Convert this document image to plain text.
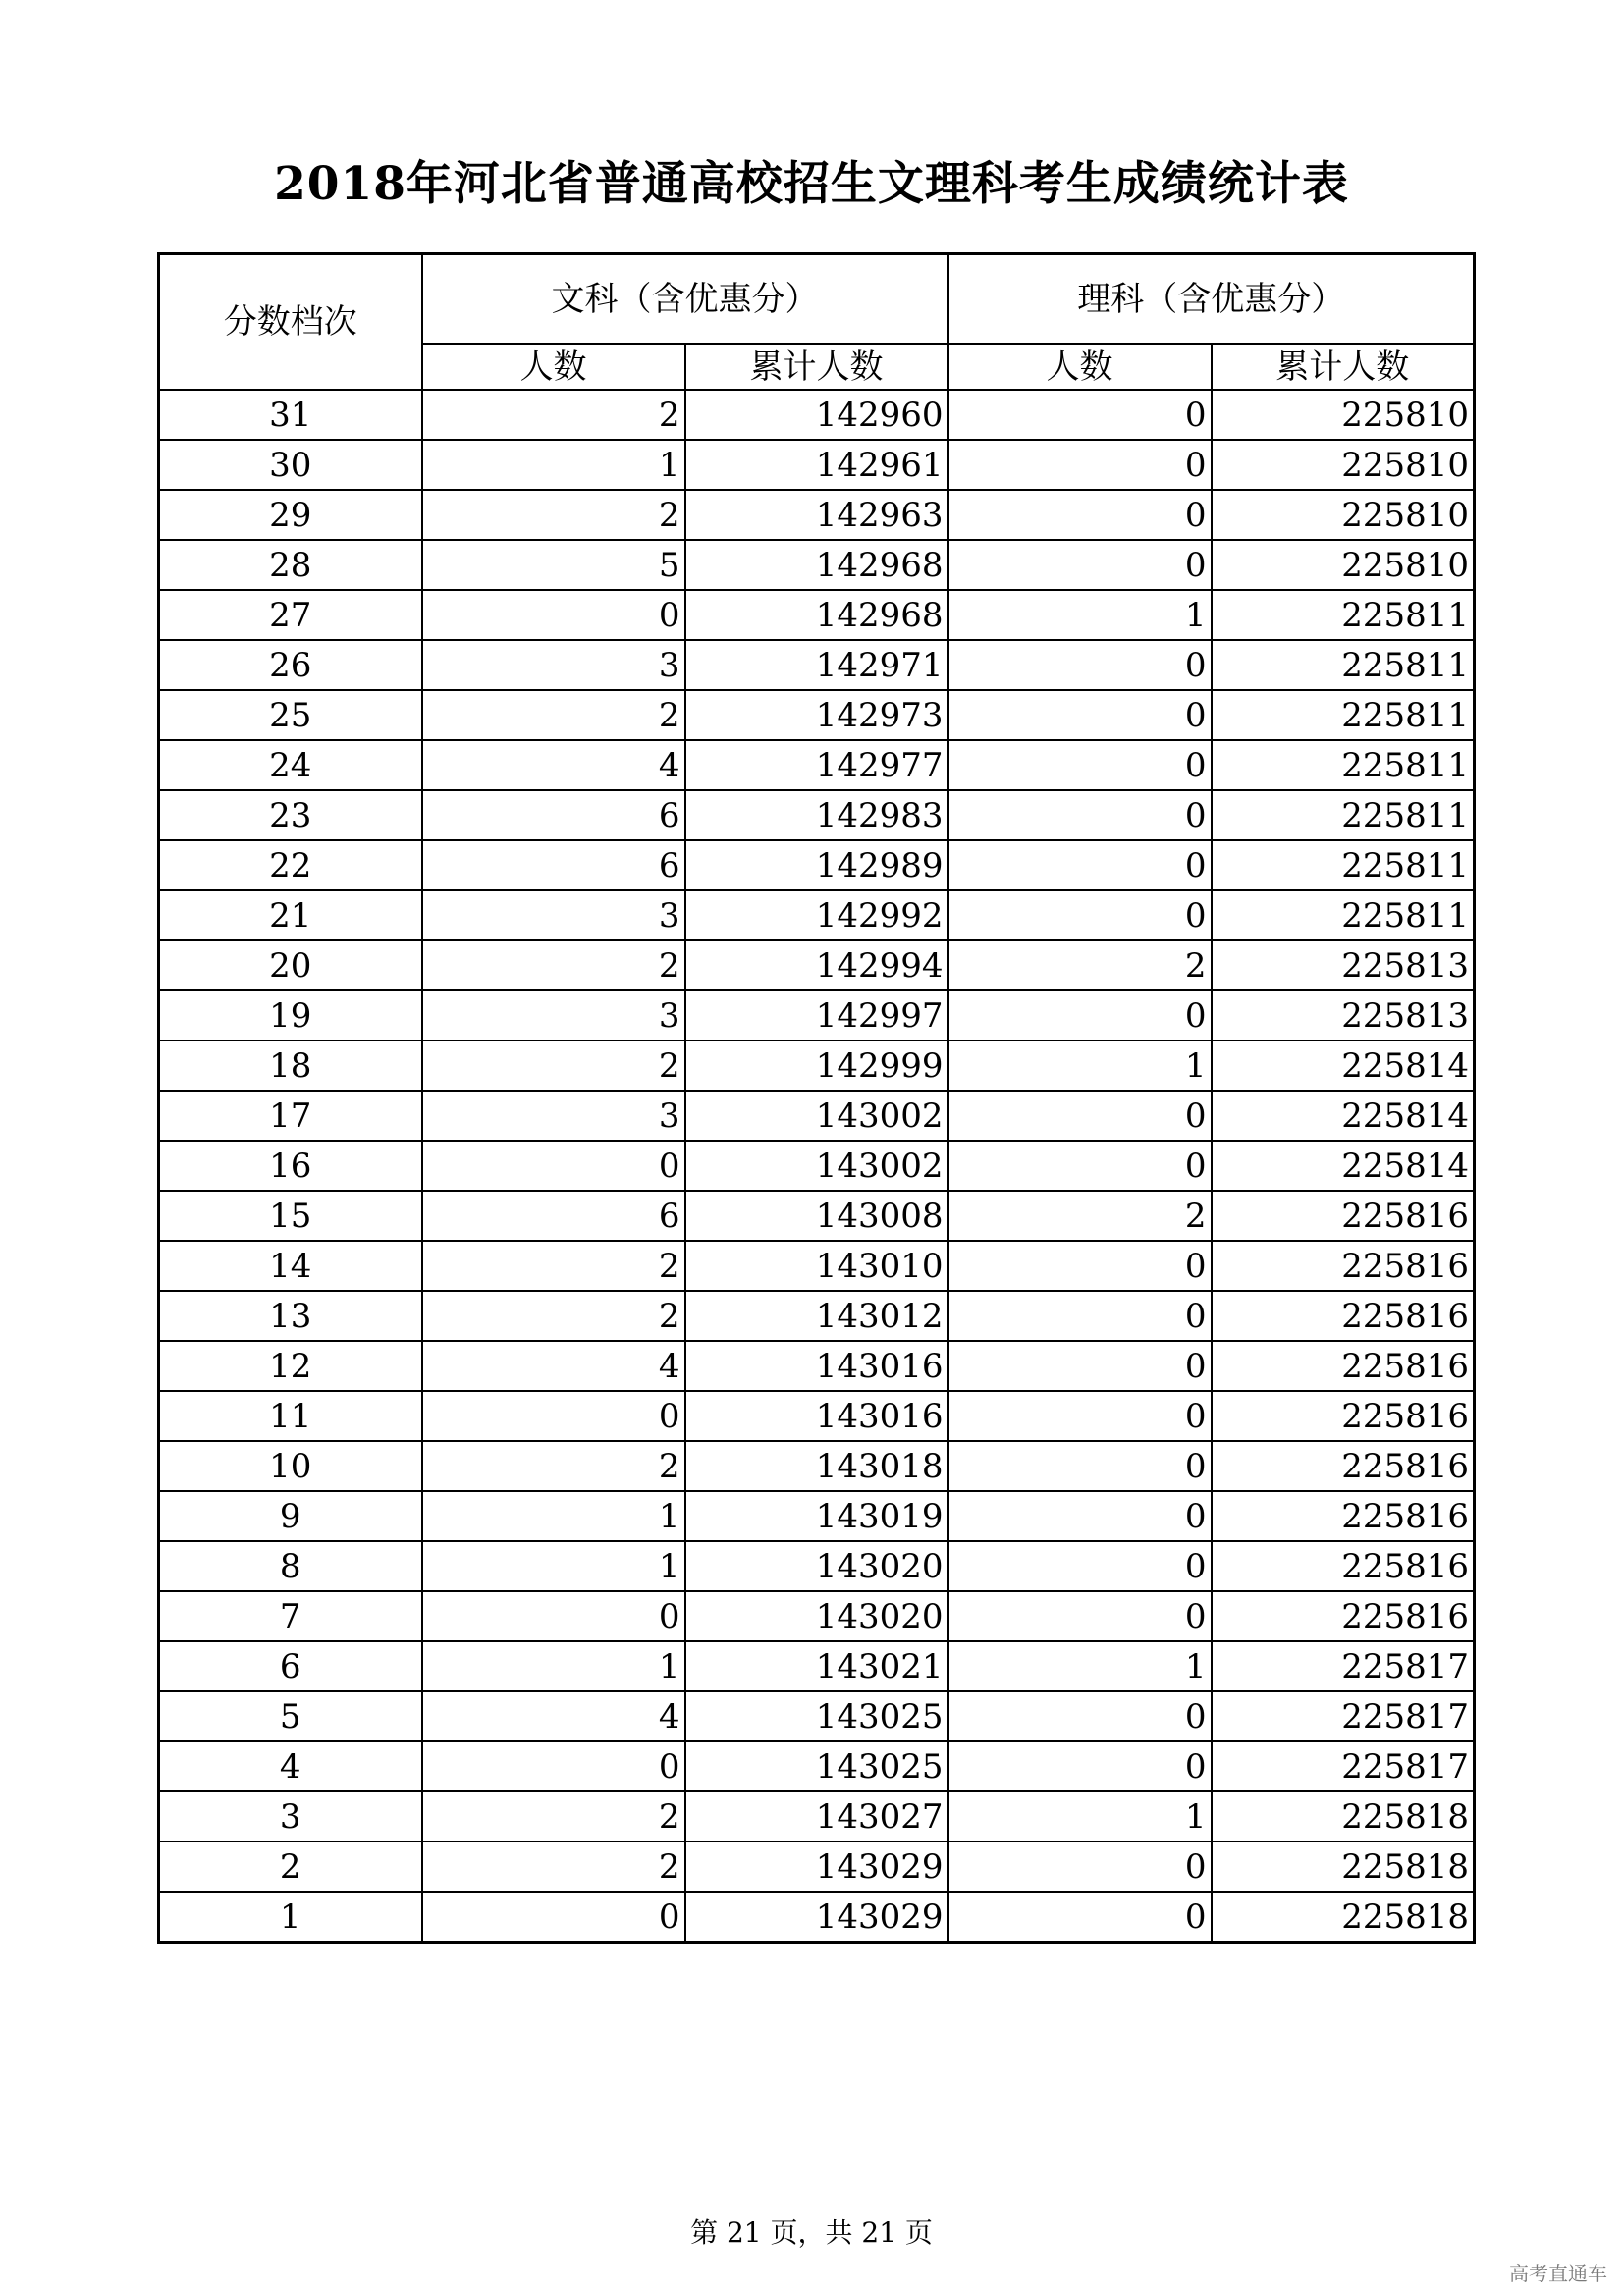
2018年河北省普通高校招生文理科考生成绩统计表
分数档次	文科（含优惠分）		理科（含优惠分）	
	人数	累计人数	人数	累计人数
31	2	142960	0	225810
30	1	142961	0	225810
29	2	142963	0	225810
28	5	142968	0	225810
27	0	142968	1	225811
26	3	142971	0	225811
25	2	142973	0	225811
24	4	142977	0	225811
23	6	142983	0	225811
22	6	142989	0	225811
21	3	142992	0	225811
20	2	142994	2	225813
19	3	142997	0	225813
18	2	142999	1	225814
17	3	143002	0	225814
16	0	143002	0	225814
15	6	143008	2	225816
14	2	143010	0	225816
13	2	143012	0	225816
12	4	143016	0	225816
11	0	143016	0	225816
10	2	143018	0	225816
9	1	143019	0	225816
8	1	143020	0	225816
7	0	143020	0	225816
6	1	143021	1	225817
5	4	143025	0	225817
4	0	143025	0	225817
3	2	143027	1	225818
2	2	143029	0	225818
1	0	143029	0	225818
第 21 页，共 21 页
高考直通车
